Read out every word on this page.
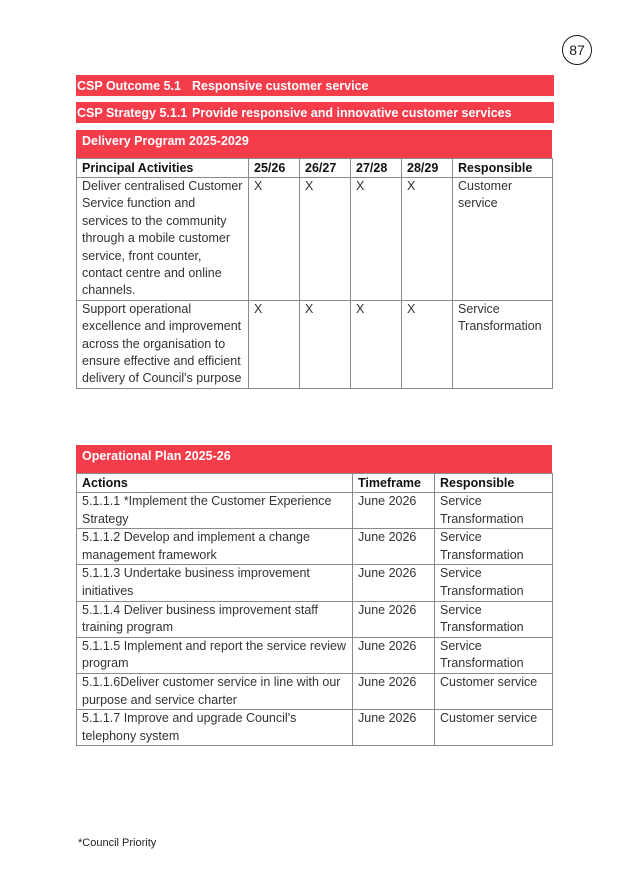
87
CSP Outcome 5.1 Responsive customer service
CSP Strategy 5.1.1 Provide responsive and innovative customer services
Delivery Program 2025-2029
Principal Activities	25/26	26/27	27/28	28/29	Responsible
Deliver centralised Customer Service function and services to the community through a mobile customer service, front counter, contact centre and online channels.	X	X	X	X	Customer service
Support operational excellence and improvement across the organisation to ensure effective and efficient delivery of Council's purpose	X	X	X	X	Service Transformation
Operational Plan 2025-26
Actions	Timeframe	Responsible
5.1.1.1 *Implement the Customer Experience Strategy	June 2026	Service Transformation
5.1.1.2 Develop and implement a change management framework	June 2026	Service Transformation
5.1.1.3 Undertake business improvement initiatives	June 2026	Service Transformation
5.1.1.4 Deliver business improvement staff training program	June 2026	Service Transformation
5.1.1.5 Implement and report the service review program	June 2026	Service Transformation
5.1.1.6Deliver customer service in line with our purpose and service charter	June 2026	Customer service
5.1.1.7 Improve and upgrade Council's telephony system	June 2026	Customer service
*Council Priority
